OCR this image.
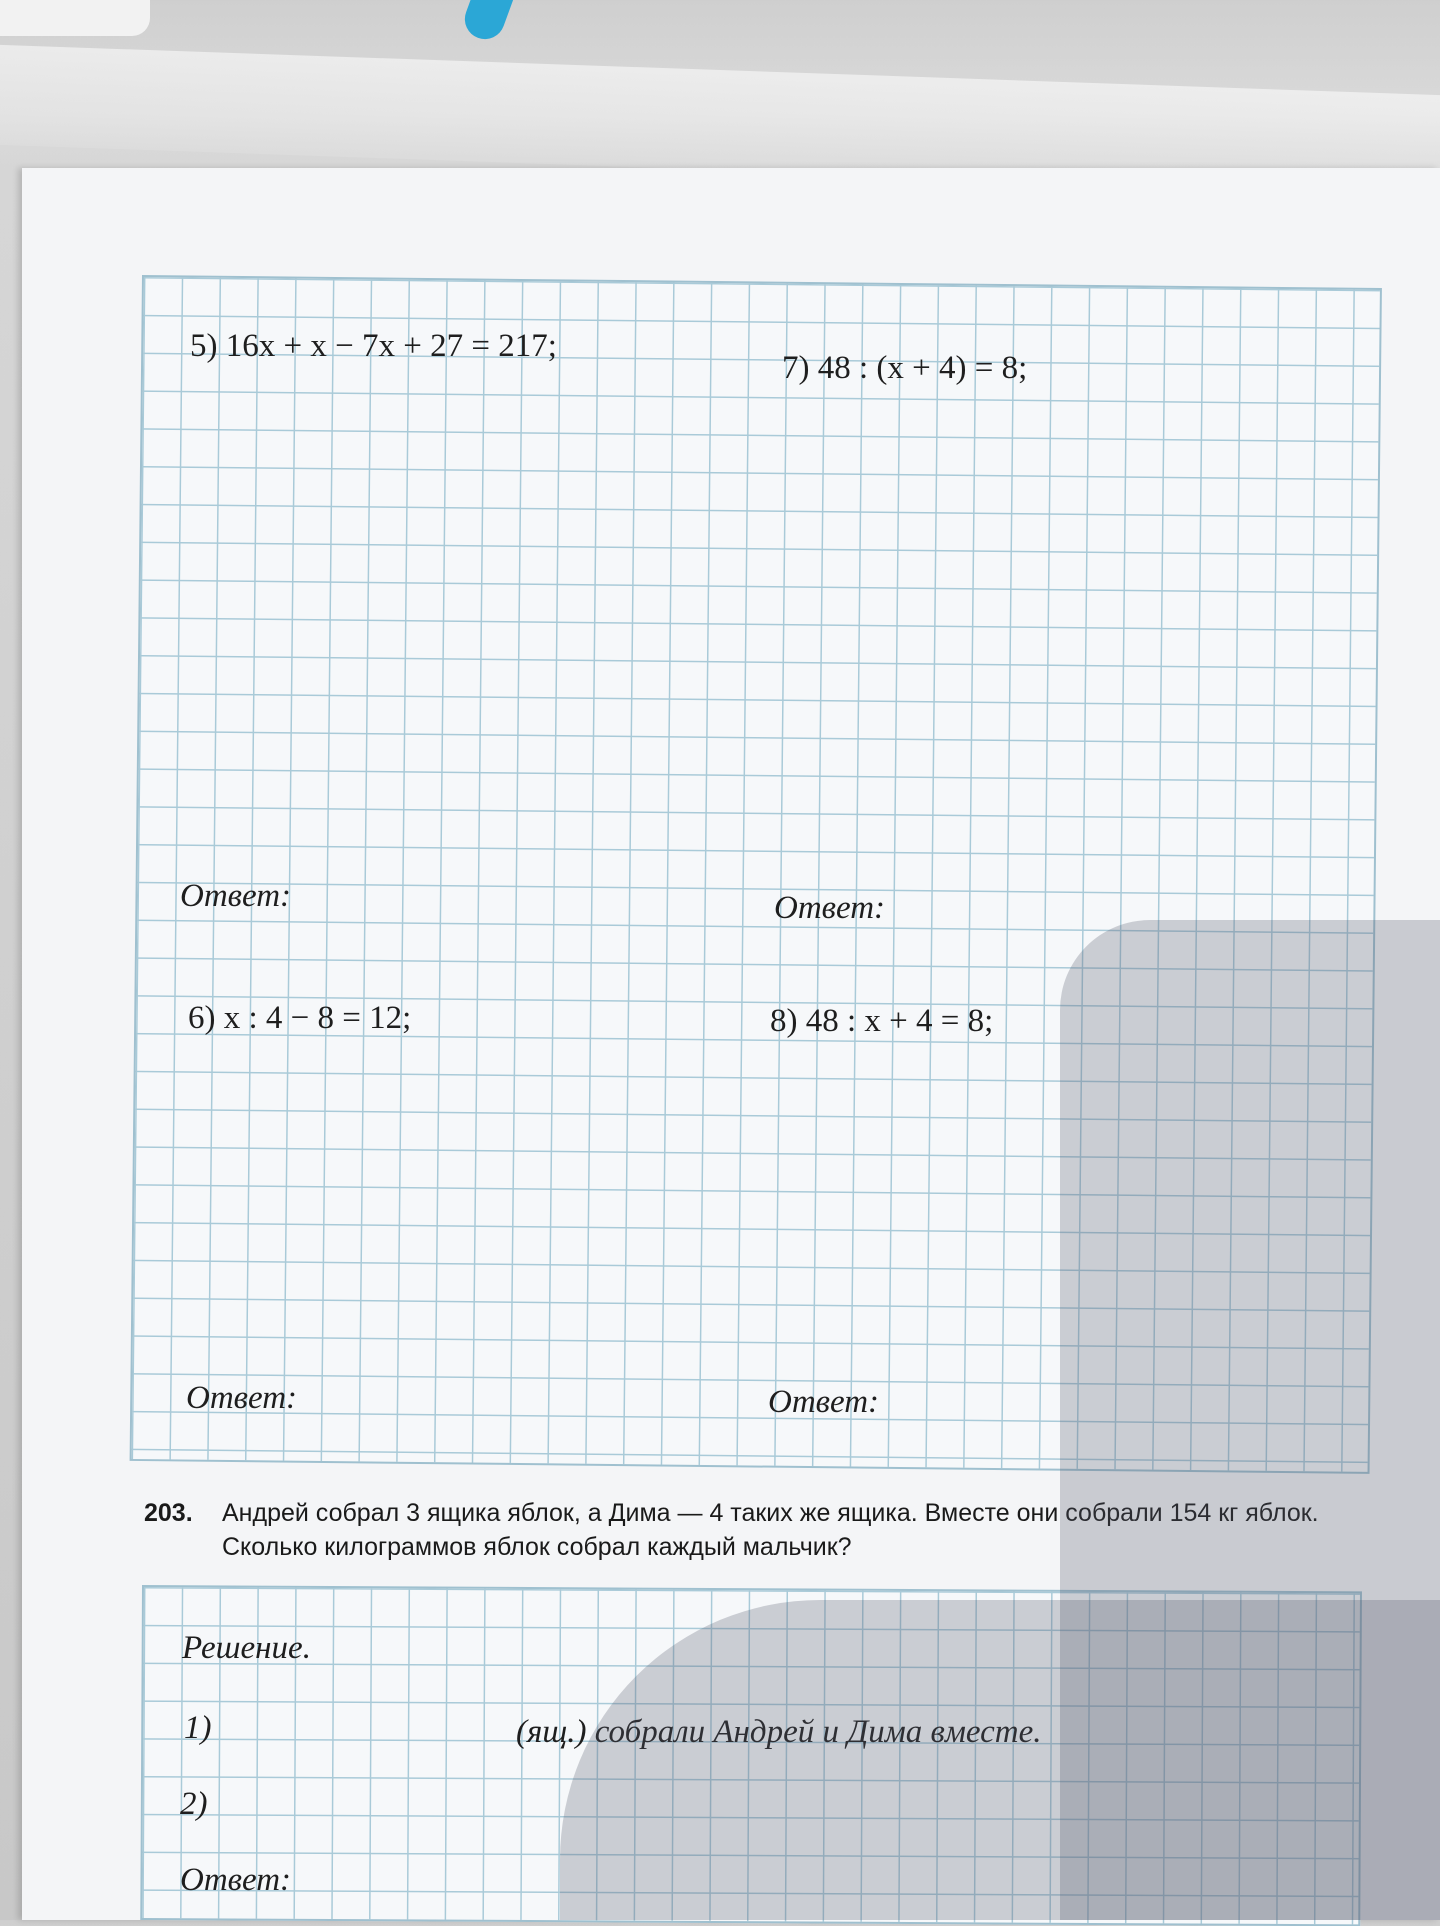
5) 16x + x − 7x + 27 = 217;
7) 48 : (x + 4) = 8;
Ответ:	Ответ:
6) x : 4 − 8 = 12;	8) 48 : x + 4 = 8;
Ответ:	Ответ:
203. Андрей собрал 3 ящика яблок, а Дима — 4 таких же ящика. Вместе они собрали 154 кг яблок. Сколько килограммов яблок собрал каждый мальчик?
Решение.
1)	(ящ.) собрали Андрей и Дима вместе.
2)
Ответ:
